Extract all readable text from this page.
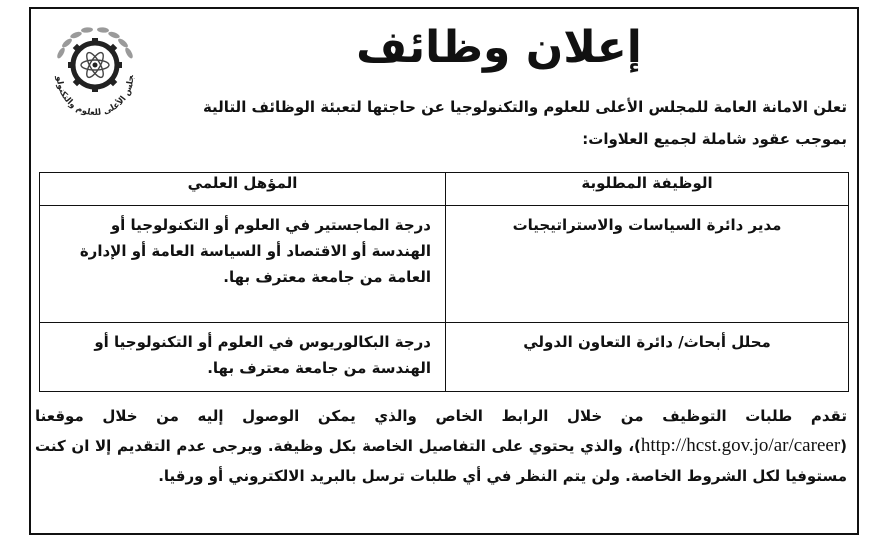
جلس الأعلى للعلوم والتكنولو
إعلان وظائف
تعلن الامانة العامة للمجلس الأعلى للعلوم والتكنولوجيا عن حاجتها لتعبئة الوظائف التالية

بموجب عقود شاملة لجميع العلاوات:
الوظيفة المطلوبة	المؤهل العلمي

مدير دائرة السياسات والاستراتيجيات	درجة الماجستير في العلوم أو التكنولوجيا أو الهندسة أو الاقتصاد أو السياسة العامة أو الإدارة العامة من جامعة معترف بها.

محلل أبحاث/ دائرة التعاون الدولي	درجة البكالوريوس في العلوم أو التكنولوجيا أو الهندسة من جامعة معترف بها.
تقدم طلبات التوظيف من خلال الرابط الخاص والذي يمكن الوصول إليه من خلال موقعنا (http://hcst.gov.jo/ar/career)، والذي يحتوي على التفاصيل الخاصة بكل وظيفة. ويرجى عدم التقديم إلا ان كنت مستوفيا لكل الشروط الخاصة. ولن يتم النظر في أي طلبات ترسل بالبريد الالكتروني أو ورقيا.
